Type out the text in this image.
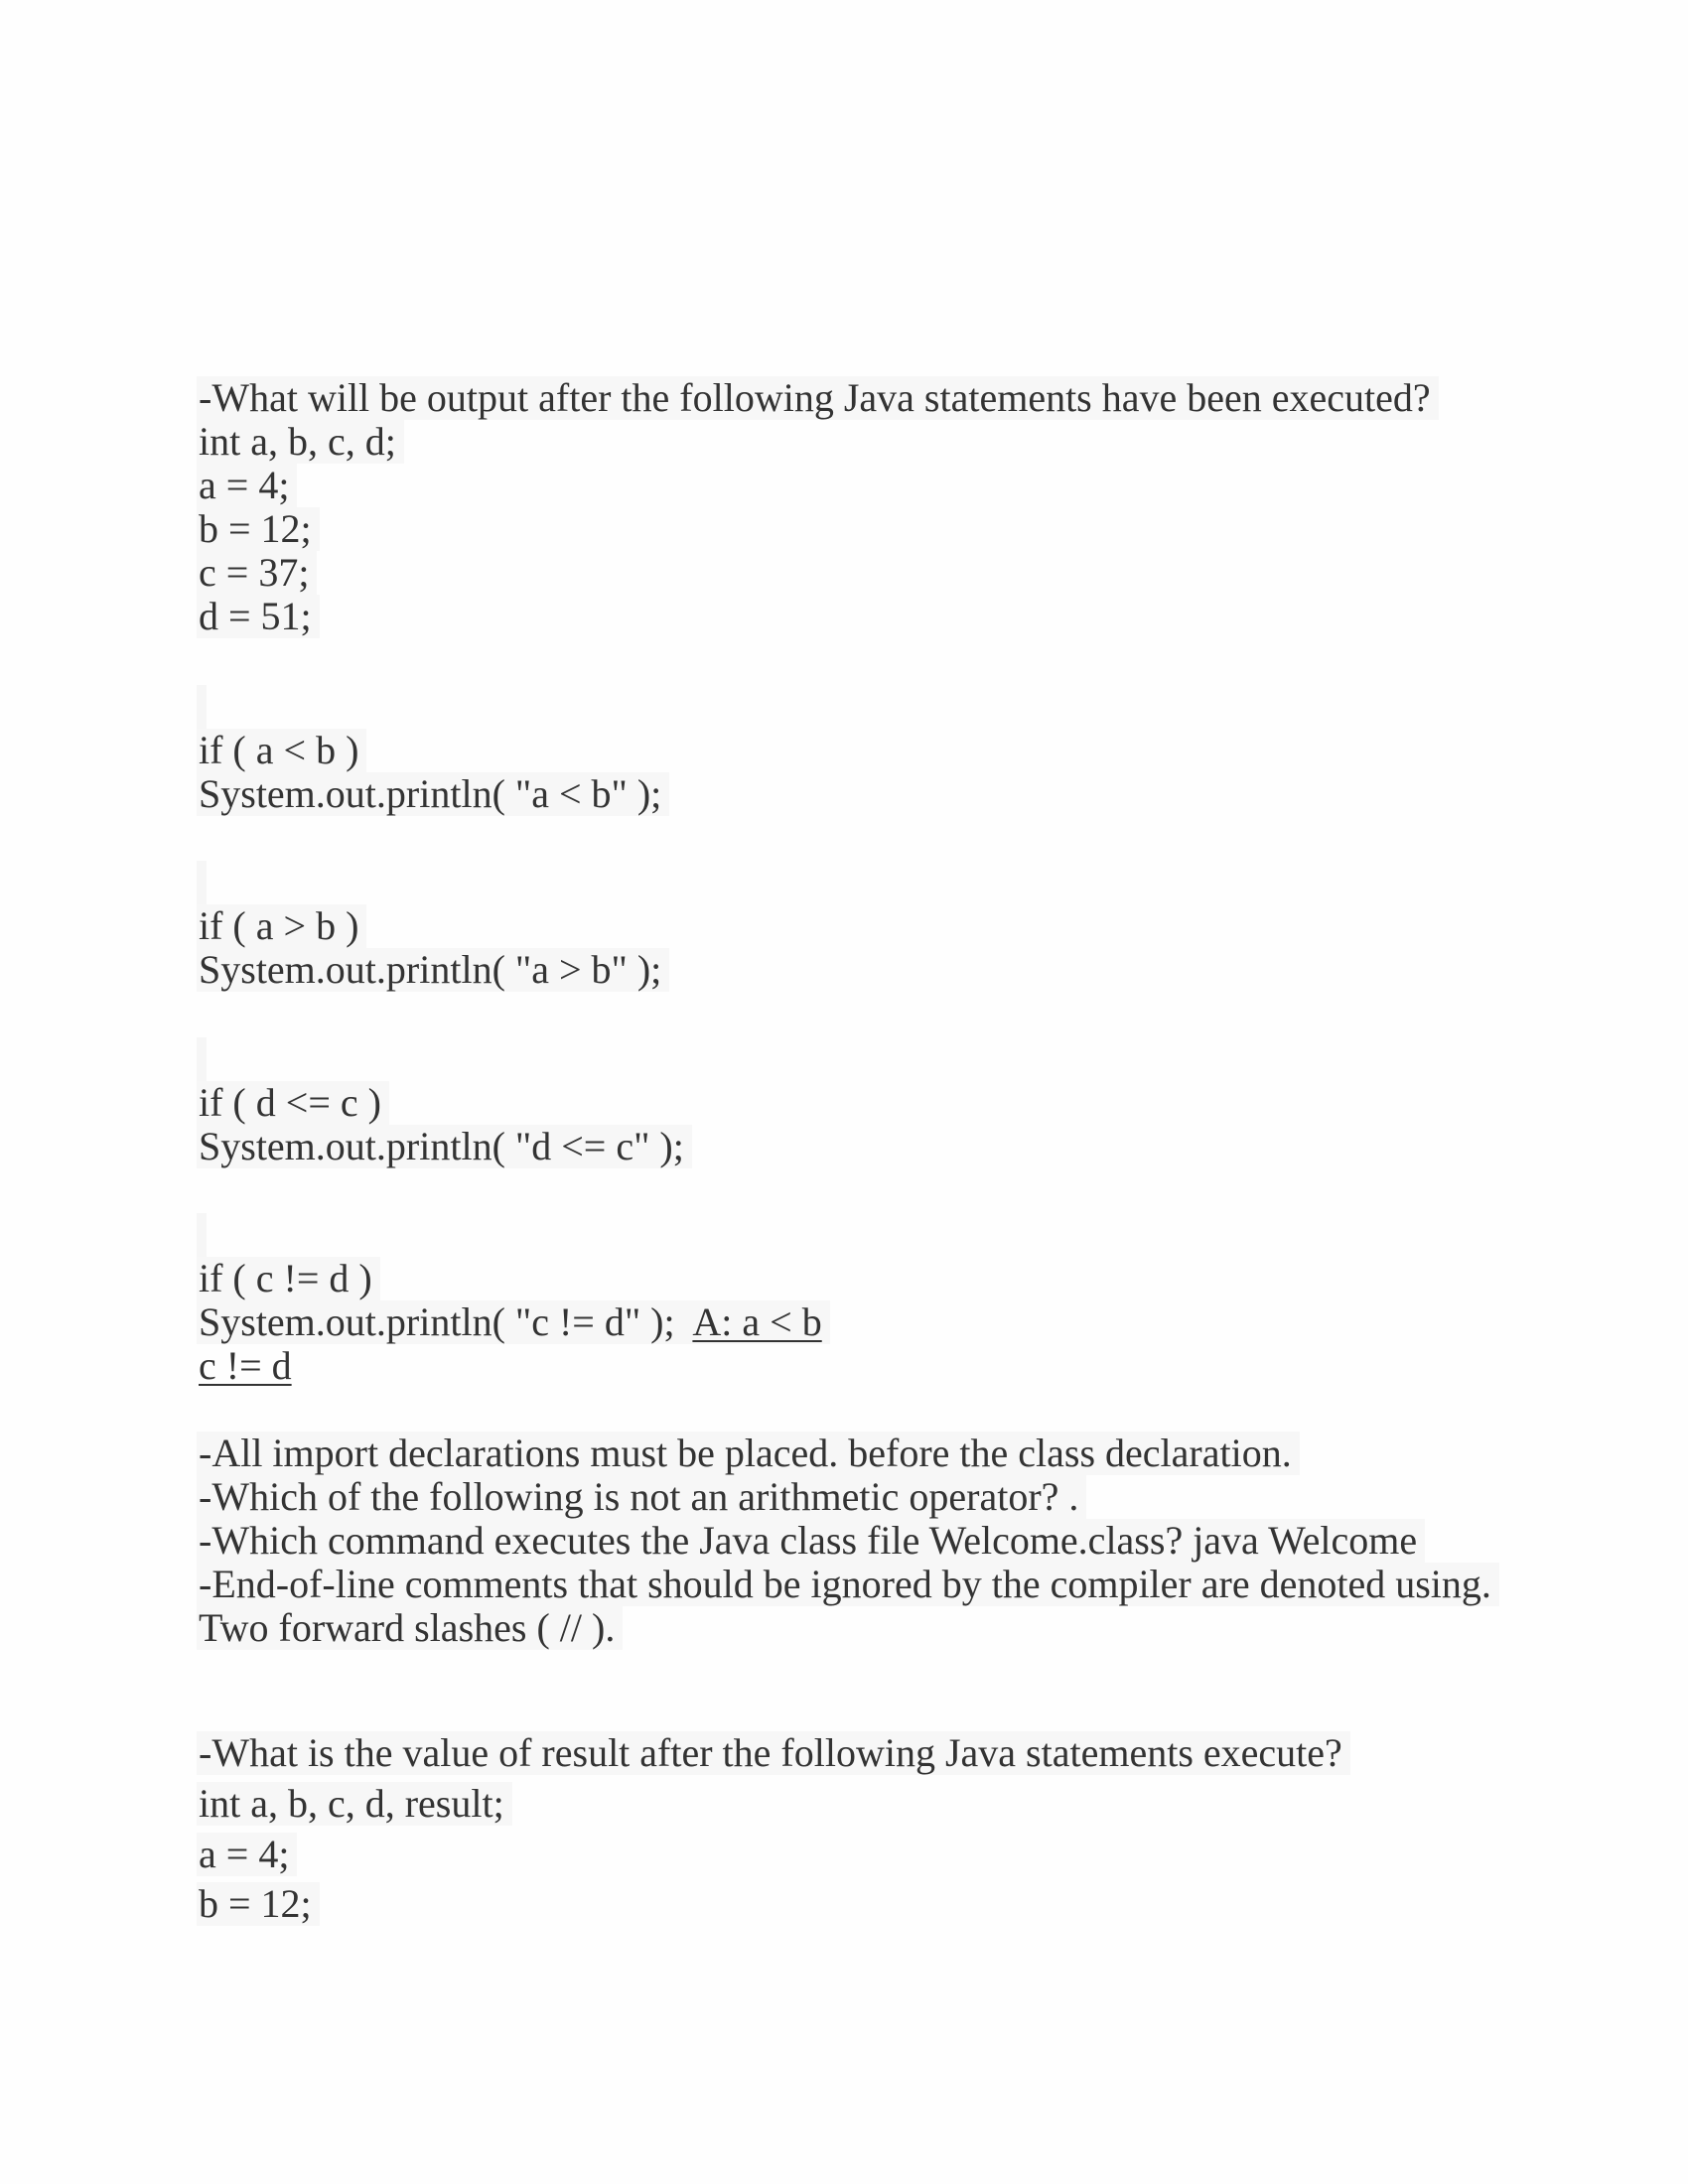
-What will be output after the following Java statements have been executed?
int a, b, c, d;
a = 4;
b = 12;
c = 37;
d = 51;
if ( a < b )
System.out.println( "a < b" );
if ( a > b )
System.out.println( "a > b" );
if ( d <= c )
System.out.println( "d <= c" );
if ( c != d )
System.out.println( "c != d" ); A: a < b
c != d
-All import declarations must be placed. before the class declaration.
-Which of the following is not an arithmetic operator? .
-Which command executes the Java class file Welcome.class? java Welcome
-End-of-line comments that should be ignored by the compiler are denoted using.
Two forward slashes ( // ).
-What is the value of result after the following Java statements execute?
int a, b, c, d, result;
a = 4;
b = 12;
